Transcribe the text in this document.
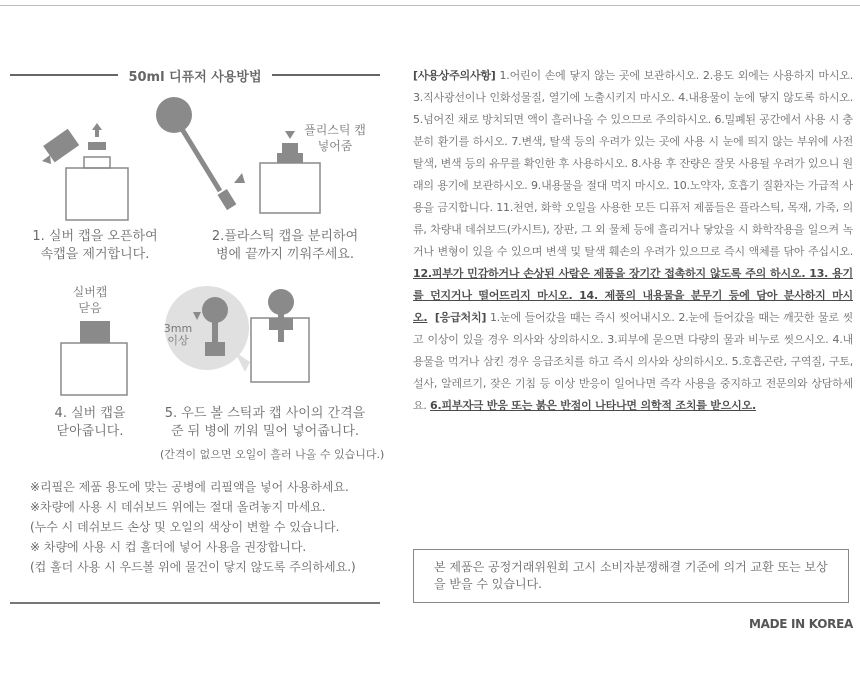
50ml 디퓨저 사용방법
플리스틱 캡
넣어줌
1. 실버 캡을 오픈하여
속캡을 제거합니다.
2.플라스틱 캡을 분리하여
병에 끝까지 끼워주세요.
실버캡
닫음
3mm
이상
4. 실버 캡을
닫아줍니다.
5. 우드 볼 스틱과 캡 사이의 간격을
준 뒤 병에 끼워 밀어 넣어줍니다.
(간격이 없으면 오일이 흘러 나올 수 있습니다.)
※리필은 제품 용도에 맞는 공병에 리필액을 넣어 사용하세요.
※차량에 사용 시 데쉬보드 위에는 절대 올려놓지 마세요.
(누수 시 데쉬보드 손상 및 오일의 색상이 변할 수 있습니다.
※ 차량에 사용 시 컵 홀더에 넣어 사용을 권장합니다.
(컵 홀더 사용 시 우드볼 위에 물건이 닿지 않도록 주의하세요.)
[사용상주의사항] 1.어린이 손에 닿지 않는 곳에 보관하시오. 2.용도 외에는 사용하지 마시오. 3.직사광선이나 인화성물질, 열기에 노출시키지 마시오. 4.내용물이 눈에 닿지 않도록 하시오. 5.넘어진 채로 방치되면 액이 흘러나올 수 있으므로 주의하시오. 6.밀폐된 공간에서 사용 시 충분히 환기를 하시오. 7.변색, 탈색 등의 우려가 있는 곳에 사용 시 눈에 띄지 않는 부위에 사전 탈색, 변색 등의 유무를 확인한 후 사용하시오. 8.사용 후 잔량은 잘못 사용될 우려가 있으니 원래의 용기에 보관하시오. 9.내용물을 절대 먹지 마시오. 10.노약자, 호흡기 질환자는 가급적 사용을 금지합니다. 11.천연, 화학 오일을 사용한 모든 디퓨저 제품들은 플라스틱, 목재, 가죽, 의류, 차량내 데쉬보드(카시트), 장판, 그 외 물체 등에 흘리거나 닿았을 시 화학작용을 일으켜 녹거나 변형이 있을 수 있으며 변색 및 탈색 훼손의 우려가 있으므로 즉시 액체를 닦아 주십시오. 12.피부가 민감하거나 손상된 사람은 제품을 장기간 접촉하지 않도록 주의 하시오. 13. 용기를 던지거나 떨어뜨리지 마시오. 14. 제품의 내용물을 분무기 등에 담아 분사하지 마시오. [응급처치] 1.눈에 들어갔을 때는 즉시 씻어내시오. 2.눈에 들어갔을 때는 깨끗한 물로 씻고 이상이 있을 경우 의사와 상의하시오. 3.피부에 묻으면 다량의 물과 비누로 씻으시오. 4.내용물을 먹거나 삼킨 경우 응급조치를 하고 즉시 의사와 상의하시오. 5.호흡곤란, 구역질, 구토, 설사, 알레르기, 잦은 기침 등 이상 반응이 일어나면 즉각 사용을 중지하고 전문의와 상담하세요. 6.피부자극 반응 또는 붉은 반점이 나타나면 의학적 조치를 받으시오.
본 제품은 공정거래위원회 고시 소비자분쟁해결 기준에 의거 교환 또는 보상을 받을 수 있습니다.
MADE IN KOREA
